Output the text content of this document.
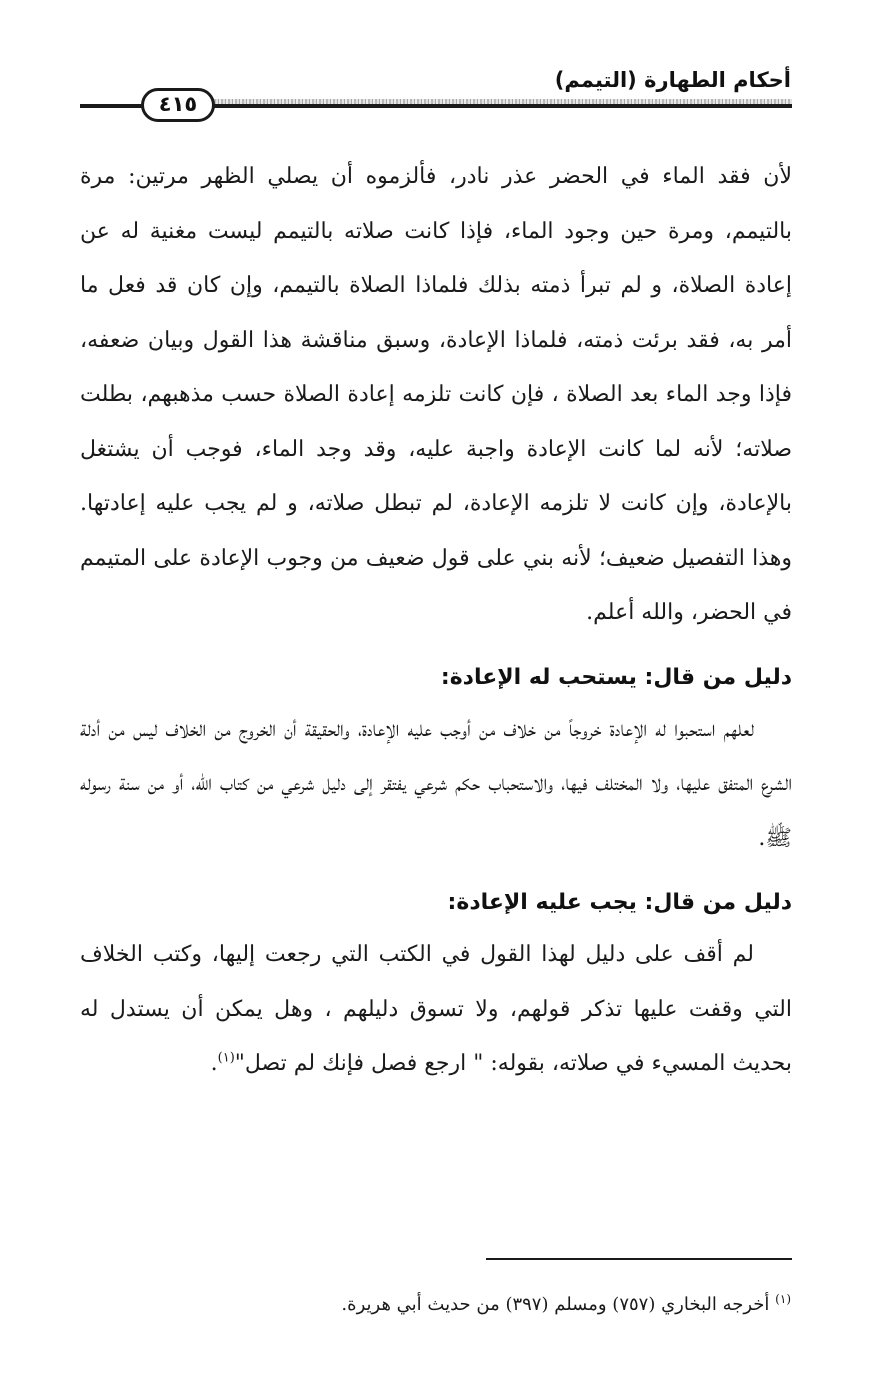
أحكام الطهارة (التيمم)
٤١٥

لأن فقد الماء في الحضر عذر نادر، فألزموه أن يصلي الظهر مرتين: مرة بالتيمم، ومرة حين وجود الماء، فإذا كانت صلاته بالتيمم ليست مغنية له عن إعادة الصلاة، و لم تبرأ ذمته بذلك فلماذا الصلاة بالتيمم، وإن كان قد فعل ما أمر به، فقد برئت ذمته، فلماذا الإعادة، وسبق مناقشة هذا القول وبيان ضعفه، فإذا وجد الماء بعد الصلاة ، فإن كانت تلزمه إعادة الصلاة حسب مذهبهم، بطلت صلاته؛ لأنه لما كانت الإعادة واجبة عليه، وقد وجد الماء، فوجب أن يشتغل بالإعادة، وإن كانت لا تلزمه الإعادة، لم تبطل صلاته، و لم يجب عليه إعادتها. وهذا التفصيل ضعيف؛ لأنه بني على قول ضعيف من وجوب الإعادة على المتيمم في الحضر، والله أعلم.

دليل من قال: يستحب له الإعادة:

لعلهم استحبوا له الإعادة خروجاً من خلاف من أوجب عليه الإعادة، والحقيقة أن الخروج من الخلاف ليس من أدلة الشرع المتفق عليها، ولا المختلف فيها، والاستحباب حكم شرعي يفتقر إلى دليل شرعي من كتاب الله، أو من سنة رسوله ﷺ.

دليل من قال: يجب عليه الإعادة:

لم أقف على دليل لهذا القول في الكتب التي رجعت إليها، وكتب الخلاف التي وقفت عليها تذكر قولهم، ولا تسوق دليلهم ، وهل يمكن أن يستدل له بحديث المسيء في صلاته، بقوله: " ارجع فصل فإنك لم تصل"$^{(١)}$.

$^{(١)}$ أخرجه البخاري (٧٥٧) ومسلم (٣٩٧) من حديث أبي هريرة.
